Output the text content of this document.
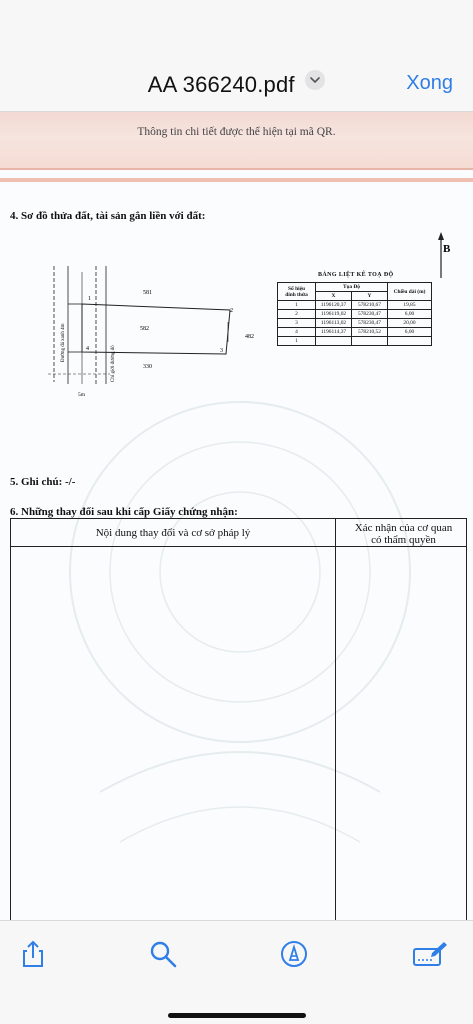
AA 366240.pdf	Xong
Thông tin chi tiết được thể hiện tại mã QR.
4. Sơ đồ thửa đất, tài sản gắn liền với đất:
581
582
330
482
1
2
3
4
Đường đá xanh 4m
Chỉ giới đường đỏ
5m
B
BẢNG LIỆT KÊ TOẠ ĐỘ
Số hiệu
đỉnh thửa	Tọa Độ		Chiều dài (m)
	X	Y	
1	1196120,37	578210,67	19,85
2	1196119,02	578230,47	6,00
3	1196113,02	578230,47	20,00
4	1196114,37	578210,52	6,00
1			
5. Ghi chú: -/-
6. Những thay đổi sau khi cấp Giấy chứng nhận:
Nội dung thay đổi và cơ sở pháp lý	Xác nhận của cơ quan
có thẩm quyền
